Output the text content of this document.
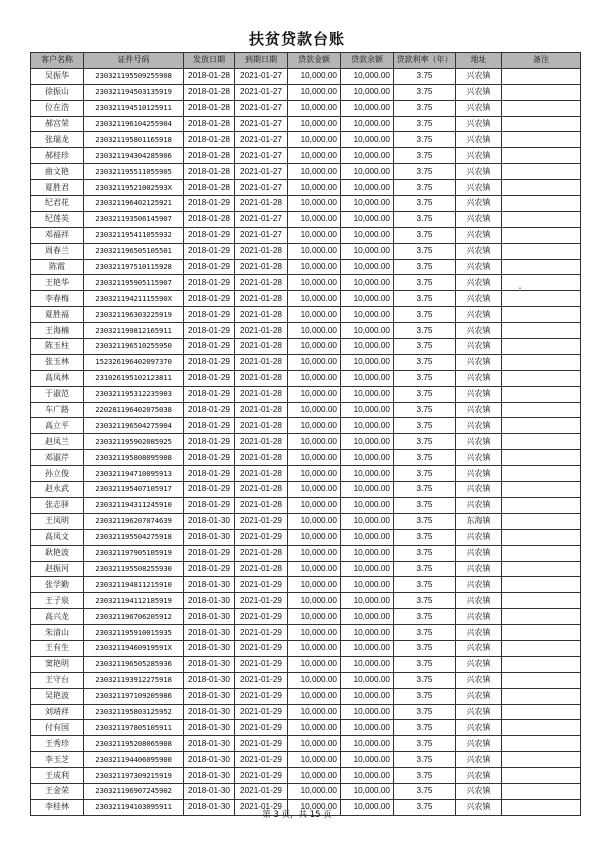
扶贫贷款台账
客户名称	证件号码	发放日期	到期日期	贷款金额	贷款余额	贷款利率（年）	地址	备注
吴振华	230321195509255908	2018-01-28	2021-01-27	10,000.00	10,000.00	3.75	兴农镇	
徐振山	230321194503135919	2018-01-28	2021-01-27	10,000.00	10,000.00	3.75	兴农镇	
位在浩	230321194510125911	2018-01-28	2021-01-27	10,000.00	10,000.00	3.75	兴农镇	
郝宫荣	230321196104255904	2018-01-28	2021-01-27	10,000.00	10,000.00	3.75	兴农镇	
张瑞龙	230321195801165918	2018-01-28	2021-01-27	10,000.00	10,000.00	3.75	兴农镇	
郝桂珍	230321194304285906	2018-01-28	2021-01-27	10,000.00	10,000.00	3.75	兴农镇	
曲文艳	230321195511055905	2018-01-28	2021-01-27	10,000.00	10,000.00	3.75	兴农镇	
夏胜君	23032119521002593X	2018-01-28	2021-01-27	10,000.00	10,000.00	3.75	兴农镇	
纪君花	230321196402125921	2018-01-29	2021-01-28	10,000.00	10,000.00	3.75	兴农镇	
纪莲英	230321193506145907	2018-01-28	2021-01-27	10,000.00	10,000.00	3.75	兴农镇	
邓福祥	230321195411055932	2018-01-29	2021-01-27	10,000.00	10,000.00	3.75	兴农镇	
周春兰	230321196505105501	2018-01-29	2021-01-28	10,000.00	10,000.00	3.75	兴农镇	
陈霞	230321197510115928	2018-01-29	2021-01-28	10,000.00	10,000.00	3.75	兴农镇	
王艳华	230321195905115907	2018-01-29	2021-01-28	10,000.00	10,000.00	3.75	兴农镇	
李春梅	23032119421115590X	2018-01-29	2021-01-28	10,000.00	10,000.00	3.75	兴农镇	
夏胜福	230321196303225919	2018-01-29	2021-01-28	10,000.00	10,000.00	3.75	兴农镇	
王海楠	230321199812165911	2018-01-29	2021-01-28	10,000.00	10,000.00	3.75	兴农镇	
陈玉柱	230321196510255950	2018-01-29	2021-01-28	10,000.00	10,000.00	3.75	兴农镇	
张玉林	152326196402097370	2018-01-29	2021-01-28	10,000.00	10,000.00	3.75	兴农镇	
高凤林	231026195102123811	2018-01-29	2021-01-28	10,000.00	10,000.00	3.75	兴农镇	
于淑范	230321195312235903	2018-01-29	2021-01-28	10,000.00	10,000.00	3.75	兴农镇	
车广路	220281196402075038	2018-01-29	2021-01-28	10,000.00	10,000.00	3.75	兴农镇	
高立平	230321196504275904	2018-01-29	2021-01-28	10,000.00	10,000.00	3.75	兴农镇	
赵凤兰	230321195902085925	2018-01-29	2021-01-28	10,000.00	10,000.00	3.75	兴农镇	
邓淑芹	230321195808095908	2018-01-29	2021-01-28	10,000.00	10,000.00	3.75	兴农镇	
孙立俊	230321194710095913	2018-01-29	2021-01-28	10,000.00	10,000.00	3.75	兴农镇	
赵永武	230321195407105917	2018-01-29	2021-01-28	10,000.00	10,000.00	3.75	兴农镇	
张志驿	230321194311245910	2018-01-29	2021-01-28	10,000.00	10,000.00	3.75	兴农镇	
王凤明	230321196207074639	2018-01-30	2021-01-29	10,000.00	10,000.00	3.75	东海镇	
高凤文	230321195504275918	2018-01-30	2021-01-29	10,000.00	10,000.00	3.75	兴农镇	
耿艳波	230321197905105919	2018-01-29	2021-01-28	10,000.00	10,000.00	3.75	兴农镇	
赵振河	230321195508255930	2018-01-29	2021-01-28	10,000.00	10,000.00	3.75	兴农镇	
张学勤	230321194811215910	2018-01-30	2021-01-29	10,000.00	10,000.00	3.75	兴农镇	
王子泉	230321194112185919	2018-01-30	2021-01-29	10,000.00	10,000.00	3.75	兴农镇	
高兴龙	230321196706205912	2018-01-30	2021-01-29	10,000.00	10,000.00	3.75	兴农镇	
朱清山	230321195910015935	2018-01-30	2021-01-29	10,000.00	10,000.00	3.75	兴农镇	
王有生	23032119460919591X	2018-01-30	2021-01-29	10,000.00	10,000.00	3.75	兴农镇	
窦艳明	230321196505285936	2018-01-30	2021-01-29	10,000.00	10,000.00	3.75	兴农镇	
王守台	230321193912275918	2018-01-30	2021-01-29	10,000.00	10,000.00	3.75	兴农镇	
吴艳波	230321197109205986	2018-01-30	2021-01-29	10,000.00	10,000.00	3.75	兴农镇	
刘靖祥	230321195803125952	2018-01-30	2021-01-29	10,000.00	10,000.00	3.75	兴农镇	
付有国	230321197805105911	2018-01-30	2021-01-29	10,000.00	10,000.00	3.75	兴农镇	
王秀珍	230321195208065908	2018-01-30	2021-01-29	10,000.00	10,000.00	3.75	兴农镇	
李玉芝	230321194406095900	2018-01-30	2021-01-29	10,000.00	10,000.00	3.75	兴农镇	
王成利	230321197309215919	2018-01-30	2021-01-29	10,000.00	10,000.00	3.75	兴农镇	
王金荣	230321196907245902	2018-01-30	2021-01-29	10,000.00	10,000.00	3.75	兴农镇	
李桂林	230321194103095911	2018-01-30	2021-01-29	10,000.00	10,000.00	3.75	兴农镇	
ˇ
第 3 页，共 15 页
